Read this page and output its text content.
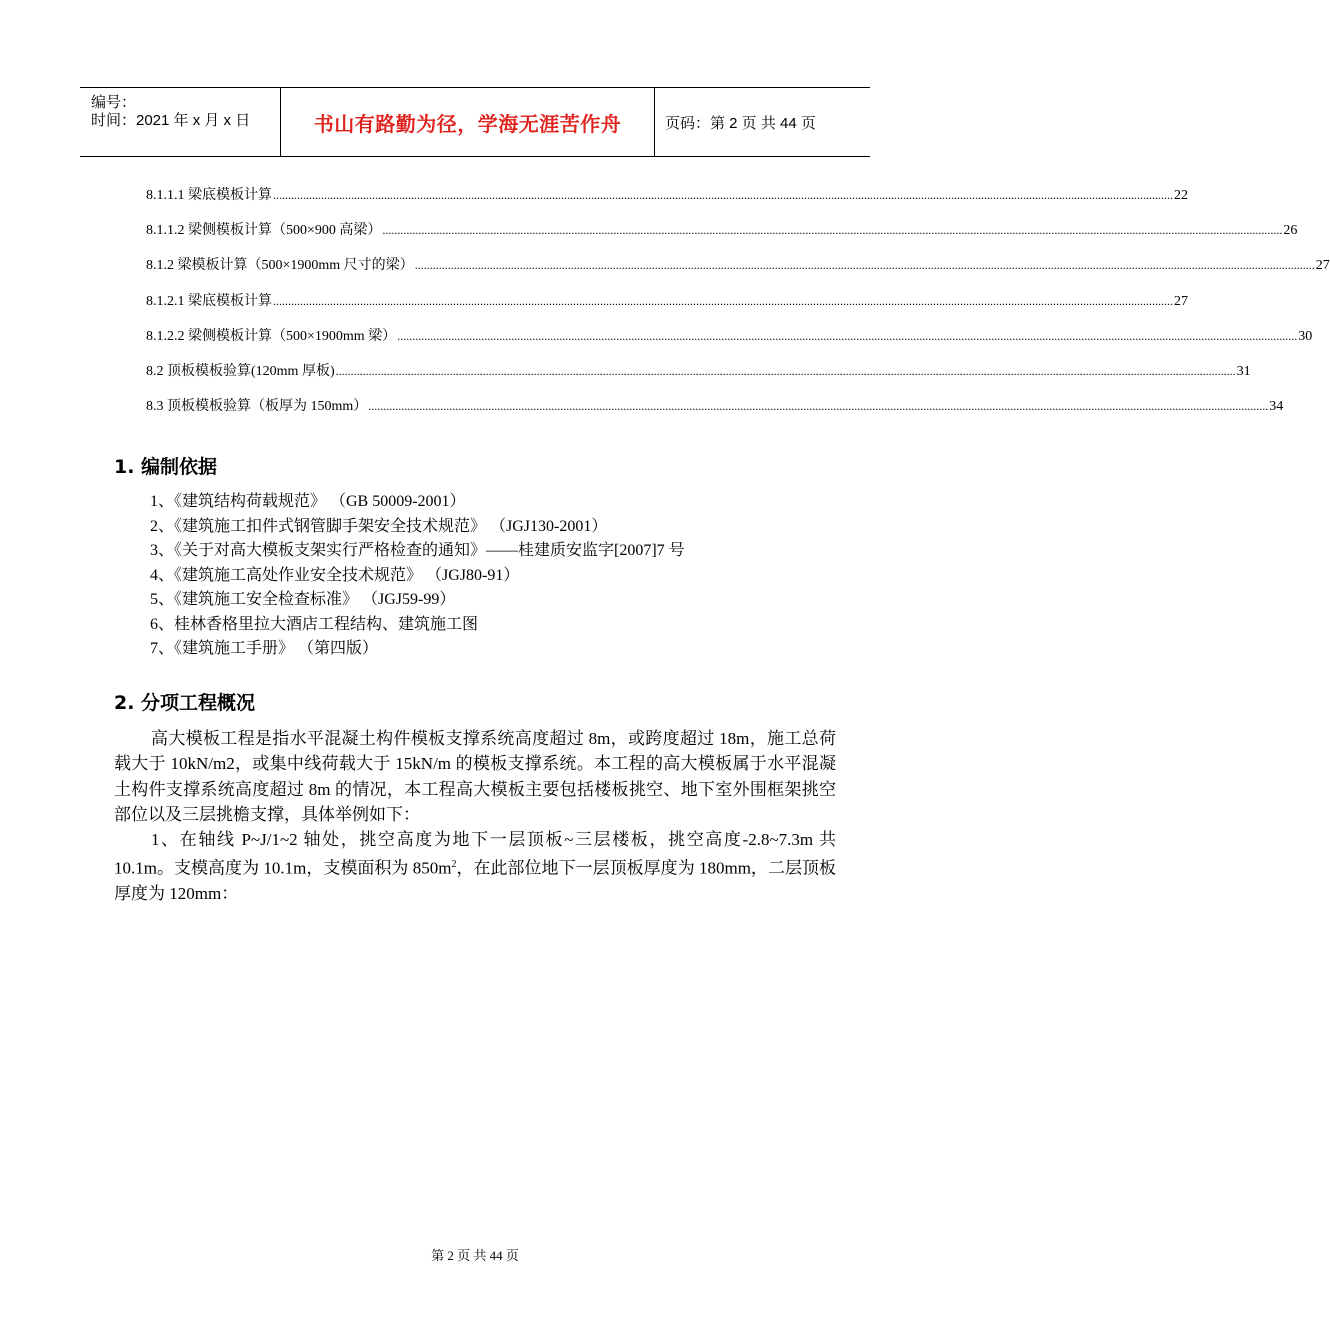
编号：
时间：2021 年 x 月 x 日	书山有路勤为径，学海无涯苦作舟	页码：第 2 页 共 44 页
8.1.1.1 梁底模板计算 ............................................................................................................................................................................................................................................................................................................ 22
8.1.1.2 梁侧模板计算（500×900 高梁） ............................................................................................................................................................................................................................................................................................................ 26
8.1.2 梁模板计算（500×1900mm 尺寸的梁） ............................................................................................................................................................................................................................................................................................................ 27
8.1.2.1 梁底模板计算 ............................................................................................................................................................................................................................................................................................................ 27
8.1.2.2 梁侧模板计算（500×1900mm 梁） ............................................................................................................................................................................................................................................................................................................ 30
8.2 顶板模板验算(120mm 厚板) ............................................................................................................................................................................................................................................................................................................ 31
8.3 顶板模板验算（板厚为 150mm） ............................................................................................................................................................................................................................................................................................................ 34
1. 编制依据
1、《建筑结构荷载规范》 （GB 50009-2001）
2、《建筑施工扣件式钢管脚手架安全技术规范》 （JGJ130-2001）
3、《关于对高大模板支架实行严格检查的通知》——桂建质安监字[2007]7 号
4、《建筑施工高处作业安全技术规范》 （JGJ80-91）
5、《建筑施工安全检查标准》 （JGJ59-99）
6、桂林香格里拉大酒店工程结构、建筑施工图
7、《建筑施工手册》 （第四版）
2. 分项工程概况

高大模板工程是指水平混凝土构件模板支撑系统高度超过 8m，或跨度超过 18m，施工总荷载大于 10kN/m2，或集中线荷载大于 15kN/m 的模板支撑系统。本工程的高大模板属于水平混凝土构件支撑系统高度超过 8m 的情况，本工程高大模板主要包括楼板挑空、地下室外围框架挑空部位以及三层挑檐支撑，具体举例如下：

1、在轴线 P~J/1~2 轴处，挑空高度为地下一层顶板~三层楼板，挑空高度-2.8~7.3m 共 10.1m。支模高度为 10.1m，支模面积为 $850m^2$，在此部位地下一层顶板厚度为 180mm，二层顶板厚度为 120mm：

第 2 页 共 44 页
